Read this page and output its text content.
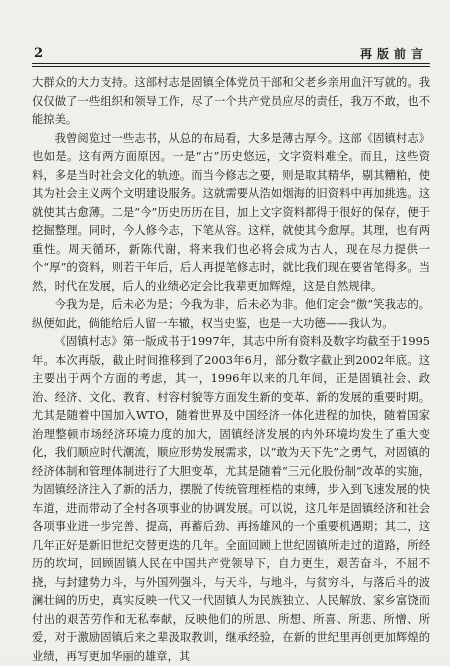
2	再版前言

大群众的大力支持。这部村志是固镇全体党员干部和父老乡亲用血汗写就的。我仅仅做了一些组织和领导工作，尽了一个共产党员应尽的责任，我万不敢，也不能掠美。

我曾阅览过一些志书，从总的布局看，大多是薄古厚今。这部《固镇村志》也如是。这有两方面原因。一是“古”历史悠远，文字资料难全。而且，这些资料，多是当时社会文化的轨迹。而当今修志之要，则是取其精华，剔其糟粕，使其为社会主义两个文明建设服务。这就需要从浩如烟海的旧资料中再加挑选。这就使其古愈薄。二是“今”历史历历在目，加上文字资料都得于很好的保存，便于挖掘整理。同时，今人修今志，下笔从容。这样，就使其今愈厚。其理，也有两重性。周天循环，新陈代谢，将来我们也必将会成为古人，现在尽力提供一个“厚”的资料，则若干年后，后人再提笔修志时，就比我们现在要省笔得多。当然，时代在发展，后人的业绩必定会比我辈更加辉煌，这是自然规律。

今我为是，后未必为是；今我为非，后未必为非。他们定会“傲”笑我志的。纵便如此，倘能给后人留一车辙，权当史鉴，也是一大功德——我认为。

《固镇村志》第一版成书于1997年，其志中所有资料及数字均截至于1995年。本次再版，截止时间推移到了2003年6月，部分数字截止到2002年底。这主要出于两个方面的考虑，其一，1996年以来的几年间，正是固镇社会、政治、经济、文化、教育、村容村貌等方面发生新的变革、新的发展的重要时期。尤其是随着中国加入WTO，随着世界及中国经济一体化进程的加快，随着国家治理整顿市场经济环境力度的加大，固镇经济发展的内外环境均发生了重大变化，我们顺应时代潮流，顺应形势发展需求，以“敢为天下先”之勇气，对固镇的经济体制和管理体制进行了大胆变革，尤其是随着“三元化股份制”改革的实施，为固镇经济注入了新的活力，摆脱了传统管理桎梏的束缚，步入到飞速发展的快车道，进而带动了全村各项事业的协调发展。可以说，这几年是固镇经济和社会各项事业进一步完善、提高，再蓄后劲、再扬雄风的一个重要机遇期；其二，这几年正好是新旧世纪交替更迭的几年。全面回顾上世纪固镇所走过的道路，所经历的坎坷，回顾固镇人民在中国共产党领导下，自力更生，艰苦奋斗，不屈不挠，与封建势力斗，与外国列强斗，与天斗，与地斗，与贫穷斗，与落后斗的波澜壮阔的历史，真实反映一代又一代固镇人为民族独立、人民解放、家乡富饶而付出的艰苦劳作和无私奉献，反映他们的所思、所想、所喜、所悲、所憎、所爱，对于激励固镇后来之辈汲取教训，继承经验，在新的世纪里再创更加辉煌的业绩，再写更加华丽的雄章，其
